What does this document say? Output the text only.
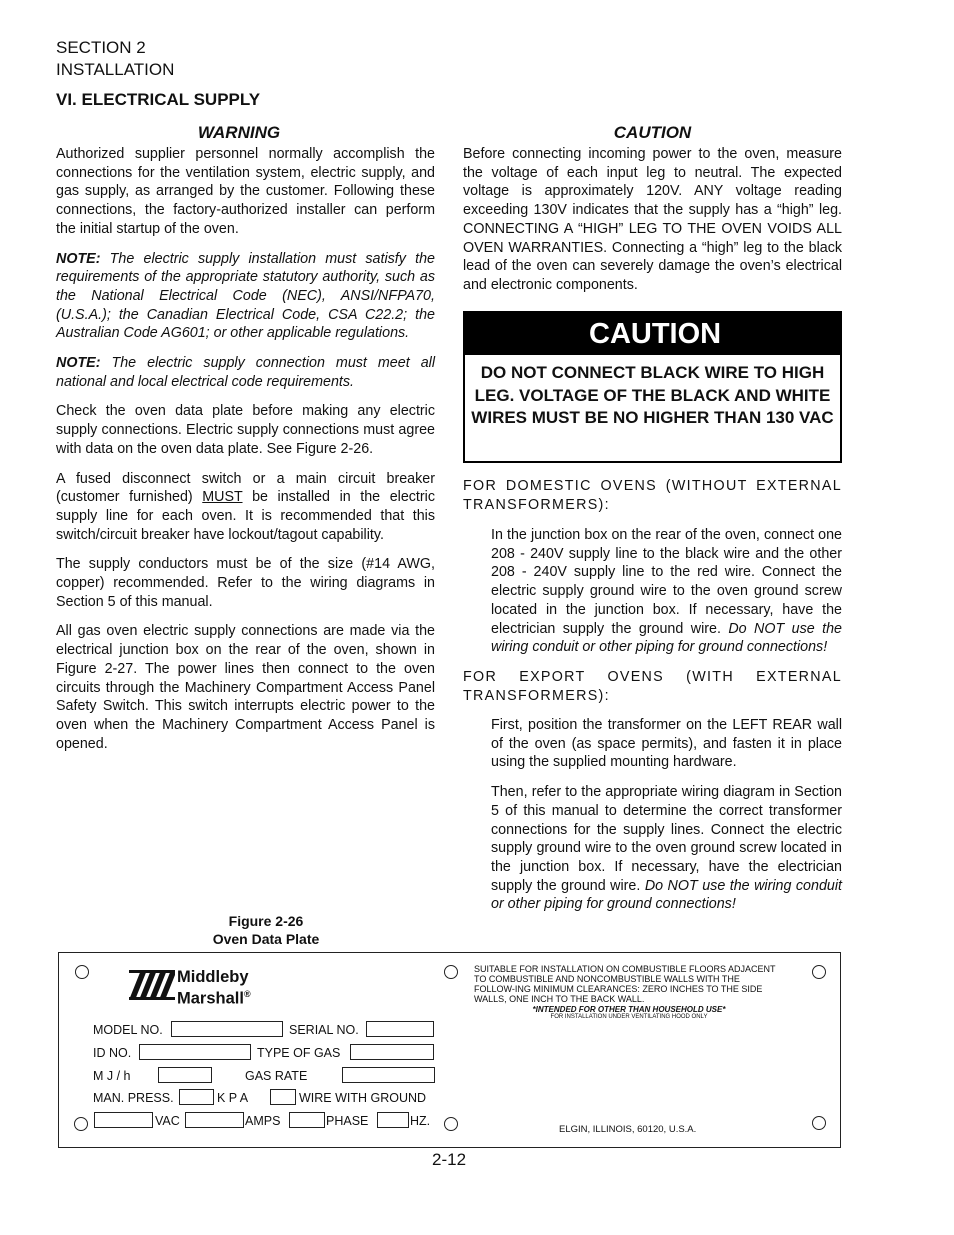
SECTION 2
INSTALLATION
VI. ELECTRICAL SUPPLY
WARNING

Authorized supplier personnel normally accomplish the connections for the ventilation system, electric supply, and gas supply, as arranged by the customer. Following these connections, the factory-authorized installer can perform the initial startup of the oven.

NOTE: The electric supply installation must satisfy the requirements of the appropriate statutory authority, such as the National Electrical Code (NEC), ANSI/NFPA70, (U.S.A.); the Canadian Electrical Code, CSA C22.2; the Australian Code AG601; or other applicable regulations.

NOTE: The electric supply connection must meet all national and local electrical code requirements.

Check the oven data plate before making any electric supply connections. Electric supply connections must agree with data on the oven data plate. See Figure 2-26.

A fused disconnect switch or a main circuit breaker (customer furnished) MUST be installed in the electric supply line for each oven. It is recommended that this switch/circuit breaker have lockout/tagout capability.

The supply conductors must be of the size (#14 AWG, copper) recommended. Refer to the wiring diagrams in Section 5 of this manual.

All gas oven electric supply connections are made via the electrical junction box on the rear of the oven, shown in Figure 2-27. The power lines then connect to the oven circuits through the Machinery Compartment Access Panel Safety Switch. This switch interrupts electric power to the oven when the Machinery Compartment Access Panel is opened.

CAUTION

Before connecting incoming power to the oven, measure the voltage of each input leg to neutral. The expected voltage is approximately 120V. ANY voltage reading exceeding 130V indicates that the supply has a “high” leg. CONNECTING A “HIGH” LEG TO THE OVEN VOIDS ALL OVEN WARRANTIES. Connecting a “high” leg to the black lead of the oven can severely damage the oven’s electrical and electronic components.

CAUTION
DO NOT CONNECT BLACK WIRE TO HIGH LEG. VOLTAGE OF THE BLACK AND WHITE WIRES MUST BE NO HIGHER THAN 130 VAC

FOR DOMESTIC OVENS (WITHOUT EXTERNAL TRANSFORMERS):

In the junction box on the rear of the oven, connect one 208 - 240V supply line to the black wire and the other 208 - 240V supply line to the red wire. Connect the electric supply ground wire to the oven ground screw located in the junction box. If necessary, have the electrician supply the ground wire. Do NOT use the wiring conduit or other piping for ground connections!

FOR EXPORT OVENS (WITH EXTERNAL TRANSFORMERS):

First, position the transformer on the LEFT REAR wall of the oven (as space permits), and fasten it in place using the supplied mounting hardware.

Then, refer to the appropriate wiring diagram in Section 5 of this manual to determine the correct transformer connections for the supply lines. Connect the electric supply ground wire to the oven ground screw located in the junction box. If necessary, have the electrician supply the ground wire. Do NOT use the wiring conduit or other piping for ground connections!

Figure 2-26
Oven Data Plate
Middleby
Marshall®
MODEL NO.	SERIAL NO.
ID NO.	TYPE OF GAS
M J / h	GAS RATE
MAN. PRESS.	K P A	WIRE WITH GROUND
VAC	AMPS	PHASE	HZ.
SUITABLE FOR INSTALLATION ON COMBUSTIBLE FLOORS ADJACENT TO COMBUSTIBLE AND NONCOMBUSTIBLE WALLS WITH THE FOLLOW-ING MINIMUM CLEARANCES: ZERO INCHES TO THE SIDE WALLS, ONE INCH TO THE BACK WALL.
*INTENDED FOR OTHER THAN HOUSEHOLD USE*
FOR INSTALLATION UNDER VENTILATING HOOD ONLY
ELGIN, ILLINOIS, 60120, U.S.A.
2-12
